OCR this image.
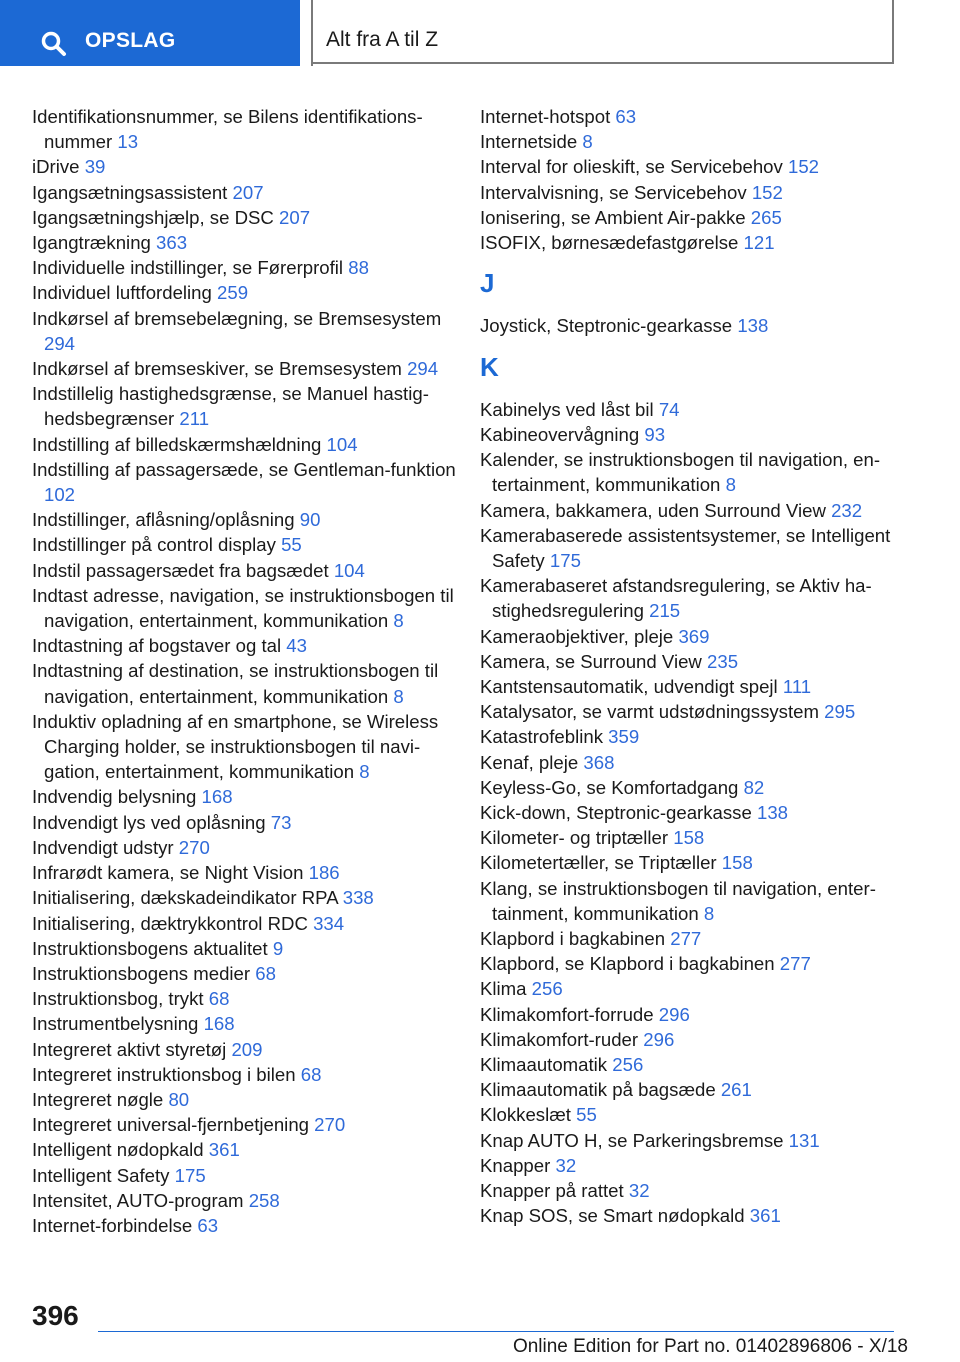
OPSLAG	Alt fra A til Z
Identifikationsnummer, se Bilens identifikationsnummer 13
iDrive 39
Igangsætningsassistent 207
Igangsætningshjælp, se DSC 207
Igangtrækning 363
Individuelle indstillinger, se Førerprofil 88
Individuel luftfordeling 259
Indkørsel af bremsebelægning, se Bremsesystem 294
Indkørsel af bremseskiver, se Bremsesystem 294
Indstillelig hastighedsgrænse, se Manuel hastighedsbegrænser 211
Indstilling af billedskærmshældning 104
Indstilling af passagersæde, se Gentleman-funktion 102
Indstillinger, aflåsning/oplåsning 90
Indstillinger på control display 55
Indstil passagersædet fra bagsædet 104
Indtast adresse, navigation, se instruktionsbogen til navigation, entertainment, kommunikation 8
Indtastning af bogstaver og tal 43
Indtastning af destination, se instruktionsbogen til navigation, entertainment, kommunikation 8
Induktiv opladning af en smartphone, se Wireless Charging holder, se instruktionsbogen til navigation, entertainment, kommunikation 8
Indvendig belysning 168
Indvendigt lys ved oplåsning 73
Indvendigt udstyr 270
Infrarødt kamera, se Night Vision 186
Initialisering, dækskadeindikator RPA 338
Initialisering, dæktrykkontrol RDC 334
Instruktionsbogens aktualitet 9
Instruktionsbogens medier 68
Instruktionsbog, trykt 68
Instrumentbelysning 168
Integreret aktivt styretøj 209
Integreret instruktionsbog i bilen 68
Integreret nøgle 80
Integreret universal-fjernbetjening 270
Intelligent nødopkald 361
Intelligent Safety 175
Intensitet, AUTO-program 258
Internet-forbindelse 63
Internet-hotspot 63
Internetside 8
Interval for olieskift, se Servicebehov 152
Intervalvisning, se Servicebehov 152
Ionisering, se Ambient Air-pakke 265
ISOFIX, børnesædefastgørelse 121
J
Joystick, Steptronic-gearkasse 138
K
Kabinelys ved låst bil 74
Kabineovervågning 93
Kalender, se instruktionsbogen til navigation, entertainment, kommunikation 8
Kamera, bakkamera, uden Surround View 232
Kamerabaserede assistentsystemer, se Intelligent Safety 175
Kamerabaseret afstandsregulering, se Aktiv hastighedsregulering 215
Kameraobjektiver, pleje 369
Kamera, se Surround View 235
Kantstensautomatik, udvendigt spejl 111
Katalysator, se varmt udstødningssystem 295
Katastrofeblink 359
Kenaf, pleje 368
Keyless-Go, se Komfortadgang 82
Kick-down, Steptronic-gearkasse 138
Kilometer- og triptæller 158
Kilometertæller, se Triptæller 158
Klang, se instruktionsbogen til navigation, entertainment, kommunikation 8
Klapbord i bagkabinen 277
Klapbord, se Klapbord i bagkabinen 277
Klima 256
Klimakomfort-forrude 296
Klimakomfort-ruder 296
Klimaautomatik 256
Klimaautomatik på bagsæde 261
Klokkeslæt 55
Knap AUTO H, se Parkeringsbremse 131
Knapper 32
Knapper på rattet 32
Knap SOS, se Smart nødopkald 361
396
Online Edition for Part no. 01402896806 - X/18
